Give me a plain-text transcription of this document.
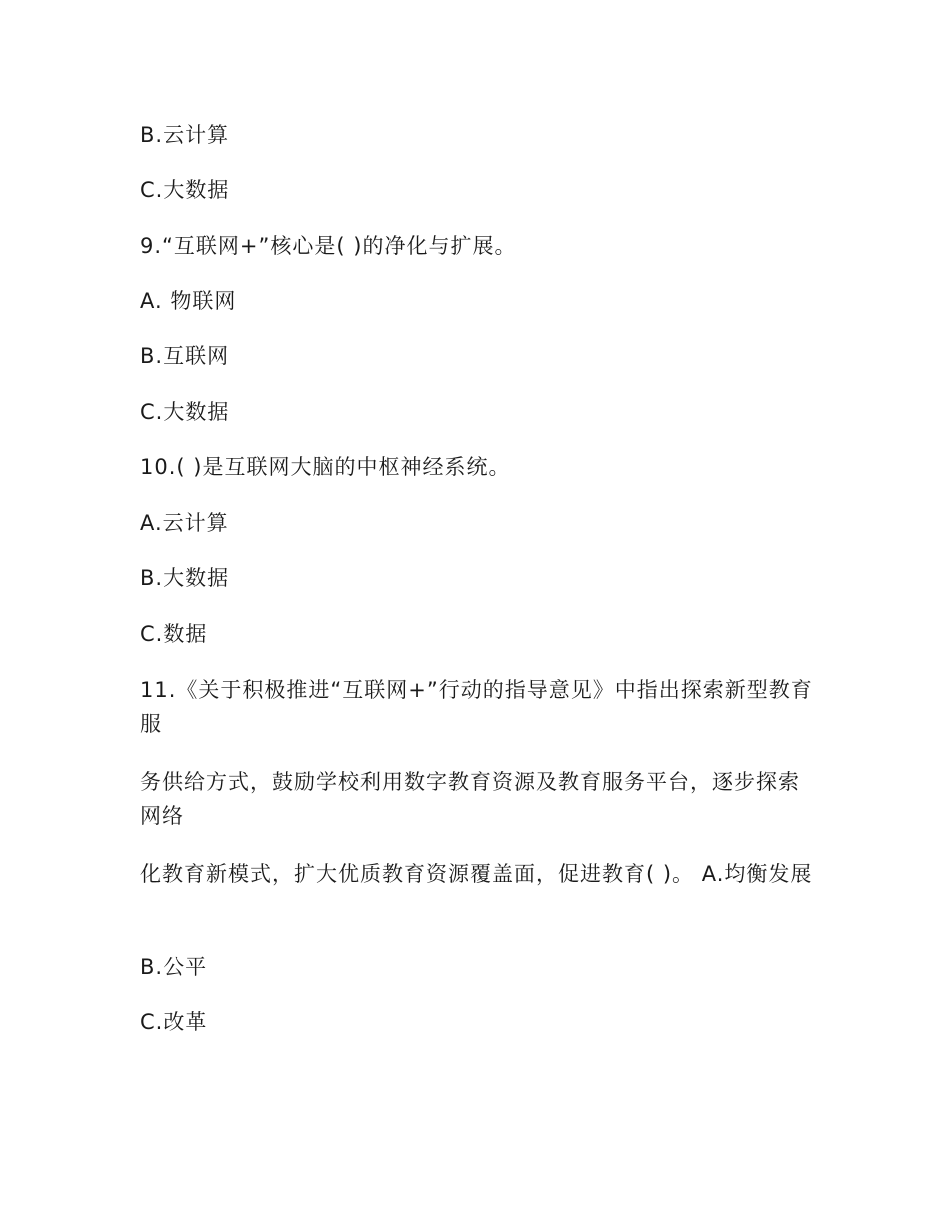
B.云计算
C.大数据
9.“互联网+”核心是( )的净化与扩展。
A. 物联网
B.互联网
C.大数据
10.( )是互联网大脑的中枢神经系统。
A.云计算
B.大数据
C.数据
11.《关于积极推进“互联网+”行动的指导意见》中指出探索新型教育服
务供给方式，鼓励学校利用数字教育资源及教育服务平台，逐步探索网络
化教育新模式，扩大优质教育资源覆盖面，促进教育( )。 A.均衡发展
B.公平
C.改革
